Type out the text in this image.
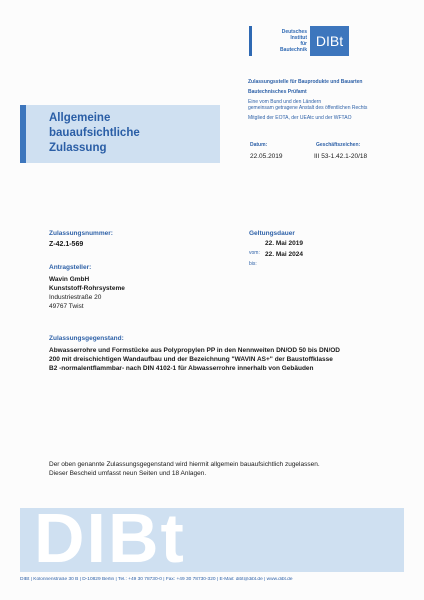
Deutsches
Institut
für
Bautechnik
DIBt
Zulassungsstelle für Bauprodukte und Bauarten
Bautechnisches Prüfamt
Eine vom Bund und den Ländern
gemeinsam getragene Anstalt des öffentlichen Rechts
Mitglied der EOTA, der UEAtc und der WFTAO
Allgemeine
bauaufsichtliche
Zulassung	Datum:	Geschäftszeichen:
22.05.2019	III 53-1.42.1-20/18
Zulassungsnummer:
Z-42.1-569
Geltungsdauer
vom:
22. Mai 2019
bis:
22. Mai 2024
Antragsteller:
Wavin GmbH
Kunststoff-Rohrsysteme
Industriestraße 20
49767 Twist
Zulassungsgegenstand:
Abwasserrohre und Formstücke aus Polypropylen PP in den Nennweiten DN/OD 50 bis DN/OD
200 mit dreischichtigen Wandaufbau und der Bezeichnung "WAVIN AS+" der Baustoffklasse
B2 -normalentflammbar- nach DIN 4102-1 für Abwasserrohre innerhalb von Gebäuden
Der oben genannte Zulassungsgegenstand wird hiermit allgemein bauaufsichtlich zugelassen.
Dieser Bescheid umfasst neun Seiten und 18 Anlagen.
DIBt
DIBt | Kolonnenstraße 30 B | D-10829 Berlin | Tel.: +49 30 78730-0 | Fax: +49 30 78730-320 | E-Mail: dibt@dibt.de | www.dibt.de
